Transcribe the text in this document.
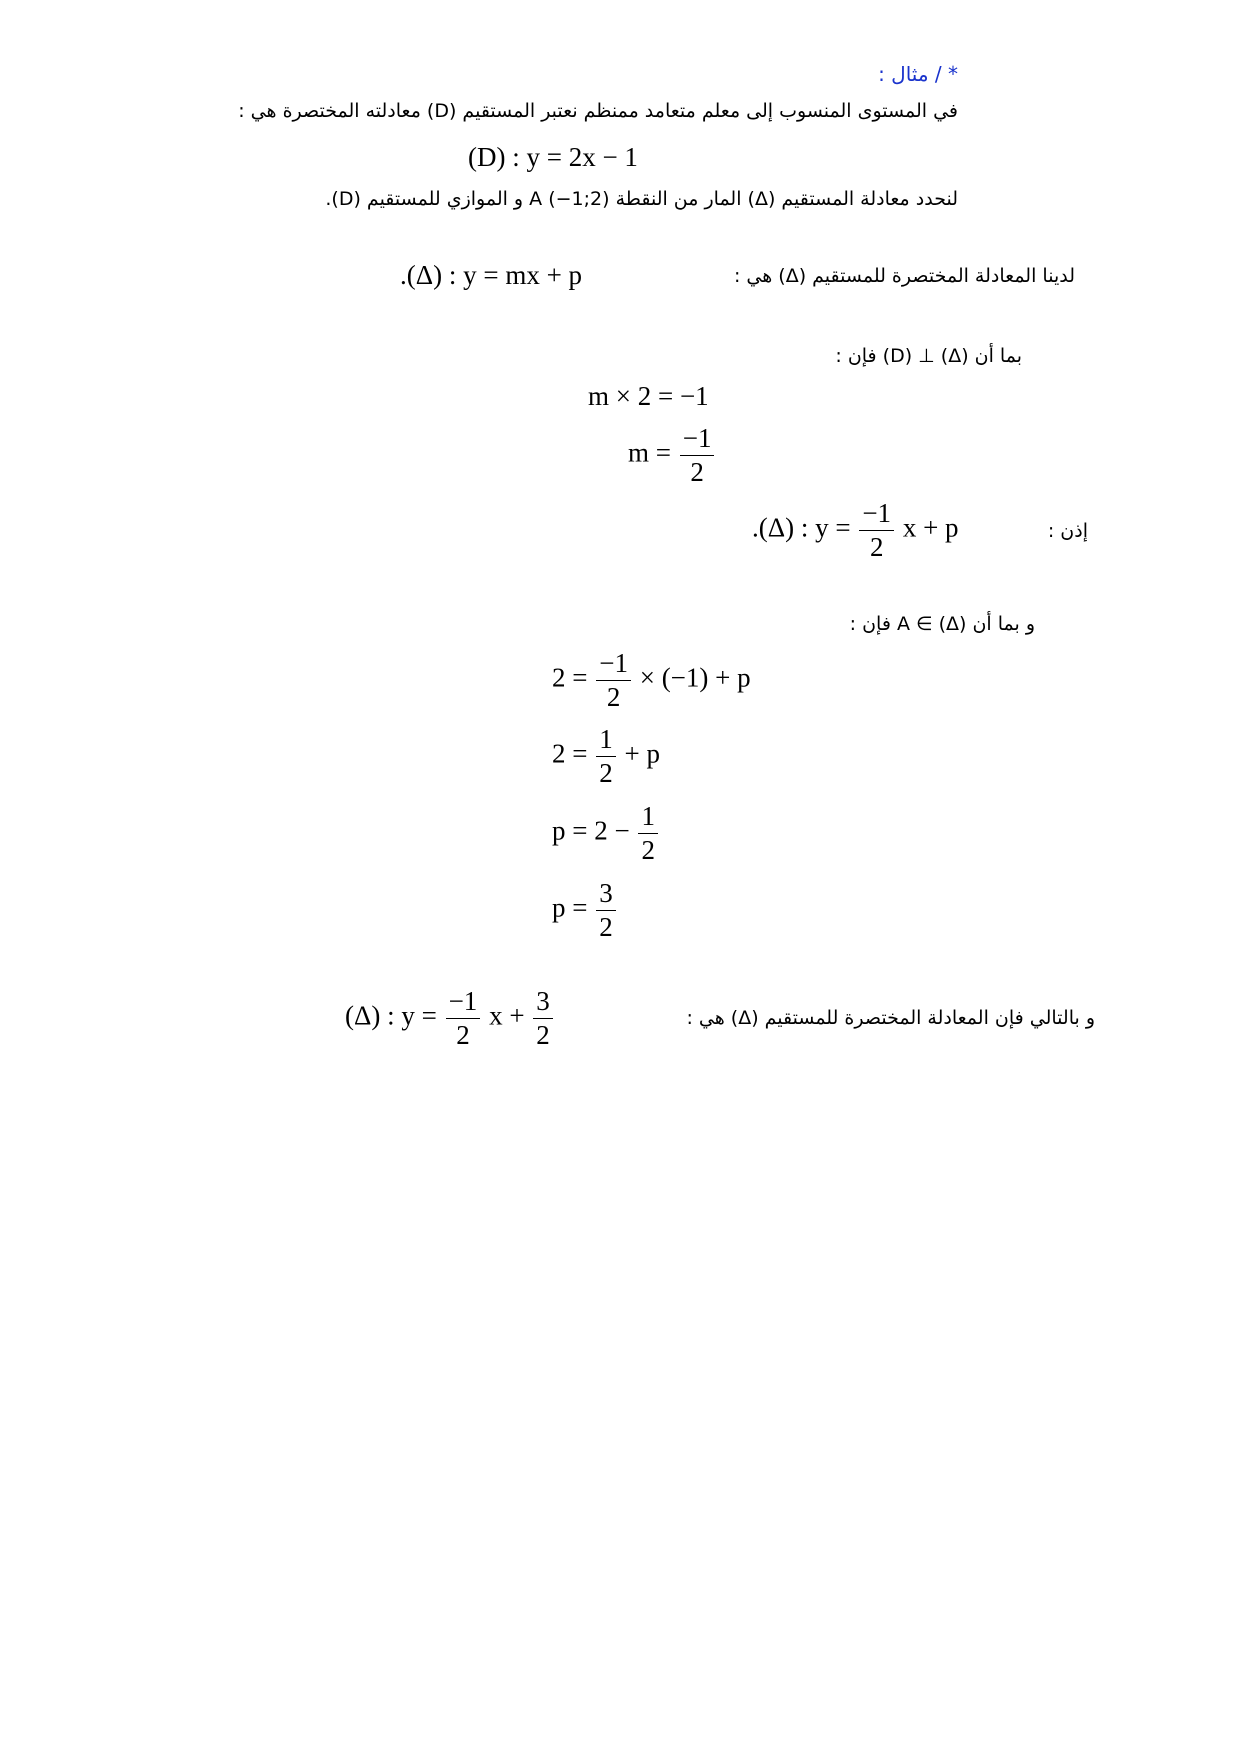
* / مثال :
في المستوى المنسوب إلى معلم متعامد ممنظم نعتبر المستقيم (D) معادلته المختصرة هي :
(D) : y = 2x − 1
لنحدد معادلة المستقيم (Δ) المار من النقطة A (−1;2) و الموازي للمستقيم (D).
لدينا المعادلة المختصرة للمستقيم (Δ) هي :
.(Δ) : y = mx + p
بما أن (Δ) ⊥ (D) فإن :
m × 2 = −1
$m = \frac{-1}{2}$
إذن :
.(Δ) : $y = \frac{-1}{2}$ x + p
و بما أن A ∈ (Δ) فإن :
$2 = \frac{-1}{2} \times (-1) + p$
$2 = \frac{1}{2} + p$
$p = 2 - \frac{1}{2}$
$p = \frac{3}{2}$
و بالتالي فإن المعادلة المختصرة للمستقيم (Δ) هي :
(Δ) : $y = \frac{-1}{2}$ $x + \frac{3}{2}$
